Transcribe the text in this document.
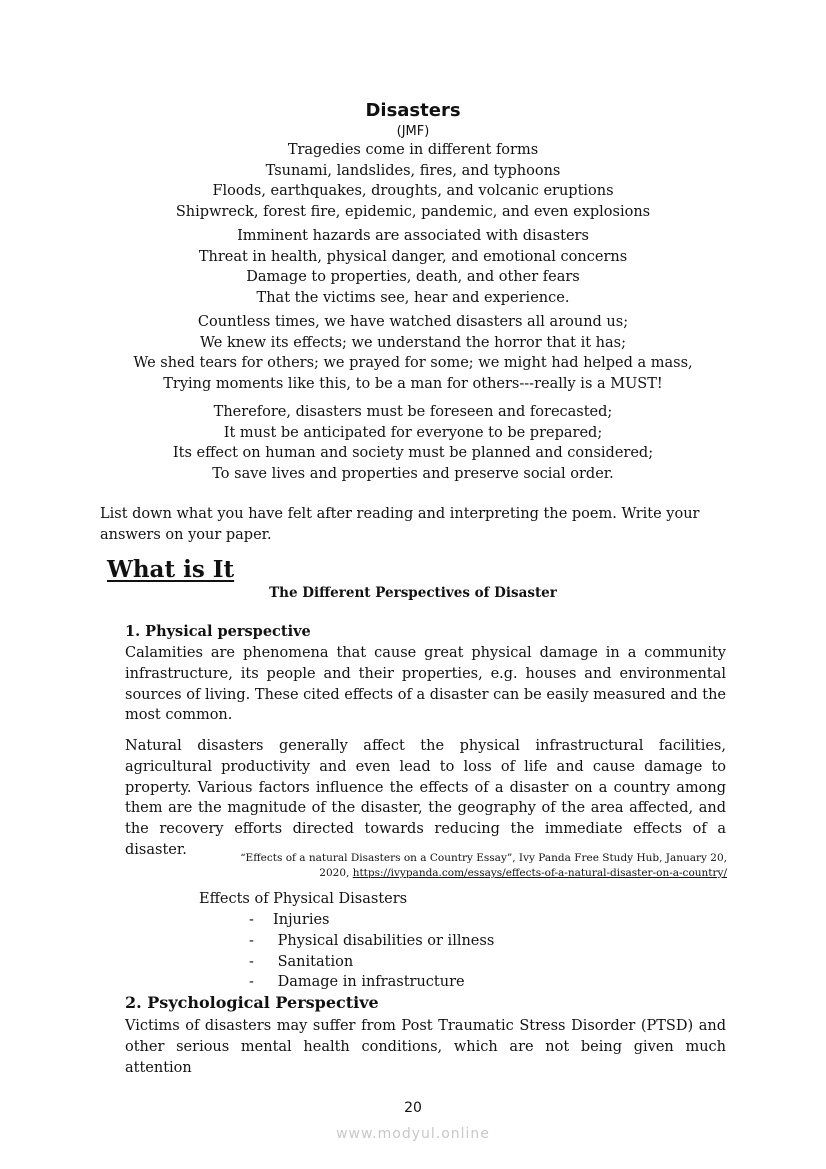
Disasters
(JMF)
Tragedies come in different forms
Tsunami, landslides, fires, and typhoons
Floods, earthquakes, droughts, and volcanic eruptions
Shipwreck, forest fire, epidemic, pandemic, and even explosions
Imminent hazards are associated with disasters
Threat in health, physical danger, and emotional concerns
Damage to properties, death, and other fears
That the victims see, hear and experience.
Countless times, we have watched disasters all around us;
We knew its effects; we understand the horror that it has;
We shed tears for others; we prayed for some; we might had helped a mass,
Trying moments like this, to be a man for others---really is a MUST!
Therefore, disasters must be foreseen and forecasted;
It must be anticipated for everyone to be prepared;
Its effect on human and society must be planned and considered;
To save lives and properties and preserve social order.
List down what you have felt after reading and interpreting the poem. Write your answers on your paper.
What is It
The Different Perspectives of Disaster
1. Physical perspective
Calamities are phenomena that cause great physical damage in a community infrastructure, its people and their properties, e.g. houses and environmental sources of living. These cited effects of a disaster can be easily measured and the most common.
Natural disasters generally affect the physical infrastructural facilities, agricultural productivity and even lead to loss of life and cause damage to property. Various factors influence the effects of a disaster on a country among them are the magnitude of the disaster, the geography of the area affected, and the recovery efforts directed towards reducing the immediate effects of a disaster.
“Effects of a natural Disasters on a Country Essay”, Ivy Panda Free Study Hub, January 20, 2020, https://ivypanda.com/essays/effects-of-a-natural-disaster-on-a-country/
Effects of Physical Disasters
- Injuries
- Physical disabilities or illness
- Sanitation
- Damage in infrastructure
2. Psychological Perspective
Victims of disasters may suffer from Post Traumatic Stress Disorder (PTSD) and other serious mental health conditions, which are not being given much attention
20
www.modyul.online
